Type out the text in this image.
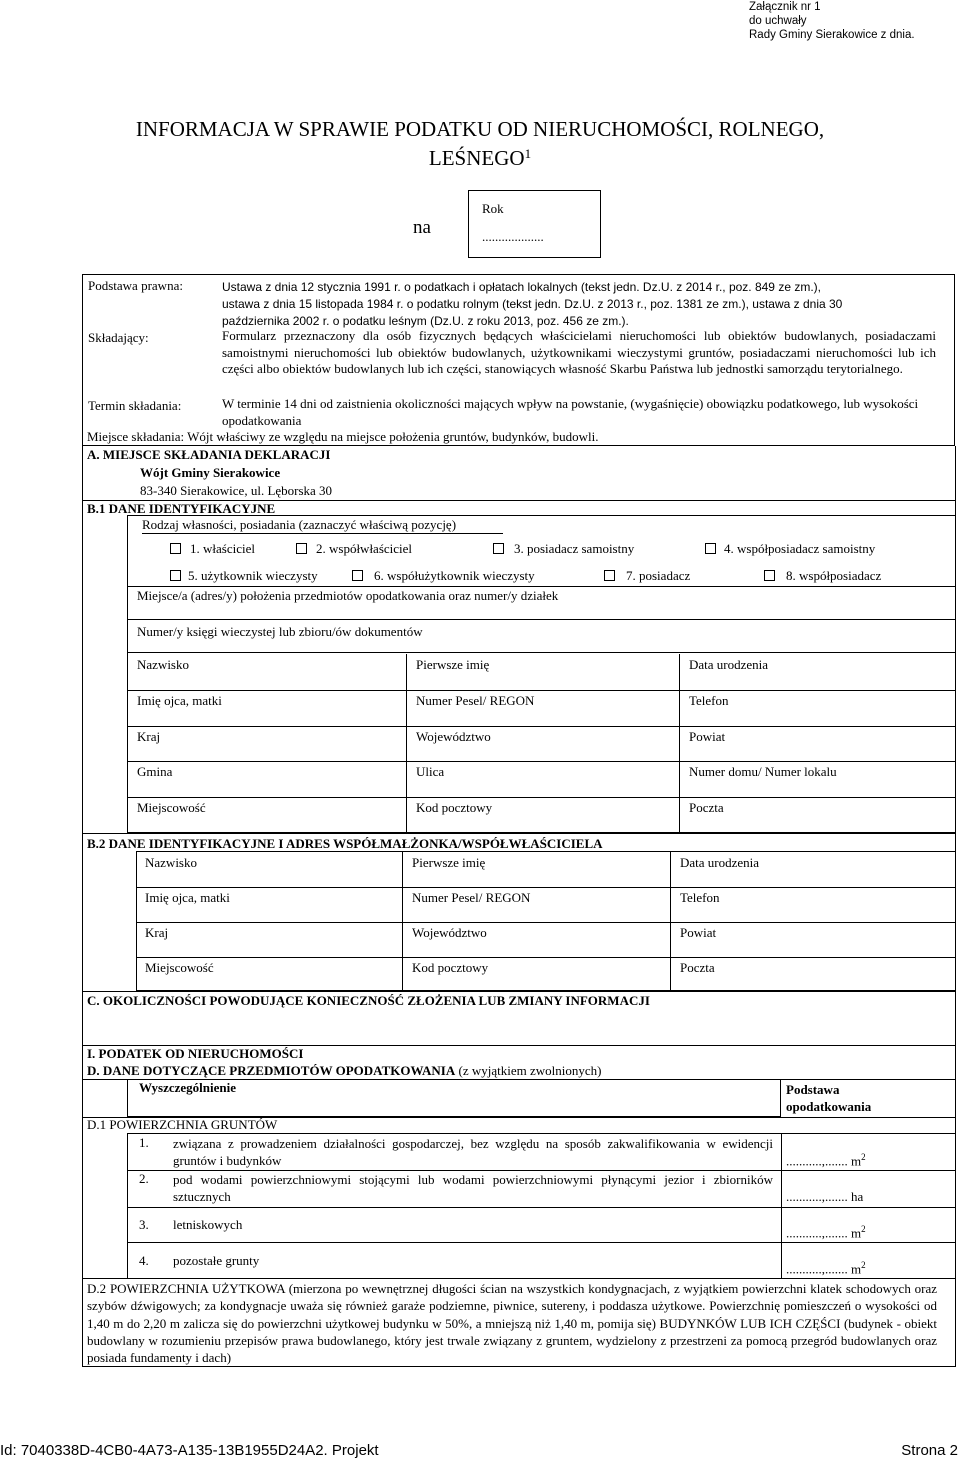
Załącznik nr 1
do uchwały
Rady Gminy Sierakowice z dnia.
INFORMACJA W SPRAWIE PODATKU OD NIERUCHOMOŚCI, ROLNEGO,
LEŚNEGO$^1$
na
Rok
...................
Podstawa prawna:	Ustawa z dnia 12 stycznia 1991 r. o podatkach i opłatach lokalnych (tekst jedn. Dz.U. z 2014 r., poz. 849 ze zm.),
ustawa z dnia 15 listopada 1984 r. o podatku rolnym (tekst jedn. Dz.U. z 2013 r., poz. 1381 ze zm.), ustawa z dnia 30
października 2002 r. o podatku leśnym (Dz.U. z roku 2013, poz. 456 ze zm.).
Składający:	Formularz przeznaczony dla osób fizycznych będących właścicielami nieruchomości lub obiektów budowlanych, posiadaczami samoistnymi nieruchomości lub obiektów budowlanych, użytkownikami wieczystymi gruntów, posiadaczami nieruchomości lub ich części albo obiektów budowlanych lub ich części, stanowiących własność Skarbu Państwa lub jednostki samorządu terytorialnego.
Termin składania:	W terminie 14 dni od zaistnienia okoliczności mających wpływ na powstanie, (wygaśnięcie) obowiązku podatkowego, lub wysokości opodatkowania
Miejsce składania: Wójt właściwy ze względu na miejsce położenia gruntów, budynków, budowli.
A. MIEJSCE SKŁADANIA DEKLARACJI
Wójt Gminy Sierakowice
83-340 Sierakowice, ul. Lęborska 30
B.1 DANE IDENTYFIKACYJNE
Rodzaj własności, posiadania (zaznaczyć właściwą pozycję)
1. właściciel	2. współwłaściciel	3. posiadacz samoistny	4. współposiadacz samoistny
5. użytkownik wieczysty	6. współużytkownik wieczysty	7. posiadacz	8. współposiadacz
Miejsce/a (adres/y) położenia przedmiotów opodatkowania oraz numer/y działek
Numer/y księgi wieczystej lub zbioru/ów dokumentów
Nazwisko	Pierwsze imię	Data urodzenia
Imię ojca, matki	Numer Pesel/ REGON	Telefon
Kraj	Województwo	Powiat
Gmina	Ulica	Numer domu/ Numer lokalu
Miejscowość	Kod pocztowy	Poczta
B.2 DANE IDENTYFIKACYJNE I ADRES WSPÓŁMAŁŻONKA/WSPÓŁWŁAŚCICIELA
Nazwisko	Pierwsze imię	Data urodzenia
Imię ojca, matki	Numer Pesel/ REGON	Telefon
Kraj	Województwo	Powiat
Miejscowość	Kod pocztowy	Poczta
C. OKOLICZNOŚCI POWODUJĄCE KONIECZNOŚĆ ZŁOŻENIA LUB ZMIANY INFORMACJI
I. PODATEK OD NIERUCHOMOŚCI
D. DANE DOTYCZĄCE PRZEDMIOTÓW OPODATKOWANIA (z wyjątkiem zwolnionych)
Wyszczególnienie	Podstawa
opodatkowania
D.1 POWIERZCHNIA GRUNTÓW
1. związana z prowadzeniem działalności gospodarczej, bez względu na sposób zakwalifikowania w ewidencji gruntów i budynków	...........,....... $m^2$
2. pod wodami powierzchniowymi stojącymi lub wodami powierzchniowymi płynącymi jezior i zbiorników sztucznych	...........,....... ha
3. letniskowych
...........,....... $m^2$
4. pozostałe grunty
...........,....... $m^2$
D.2 POWIERZCHNIA UŻYTKOWA (mierzona po wewnętrznej długości ścian na wszystkich kondygnacjach, z wyjątkiem powierzchni klatek schodowych oraz szybów dźwigowych; za kondygnacje uważa się również garaże podziemne, piwnice, sutereny, i poddasza użytkowe. Powierzchnię pomieszczeń o wysokości od 1,40 m do 2,20 m zalicza się do powierzchni użytkowej budynku w 50%, a mniejszą niż 1,40 m, pomija się) BUDYNKÓW LUB ICH CZĘŚCI (budynek - obiekt budowlany w rozumieniu przepisów prawa budowlanego, który jest trwale związany z gruntem, wydzielony z przestrzeni za pomocą przegród budowlanych oraz posiada fundamenty i dach)
Id: 7040338D-4CB0-4A73-A135-13B1955D24A2. Projekt	Strona 2
